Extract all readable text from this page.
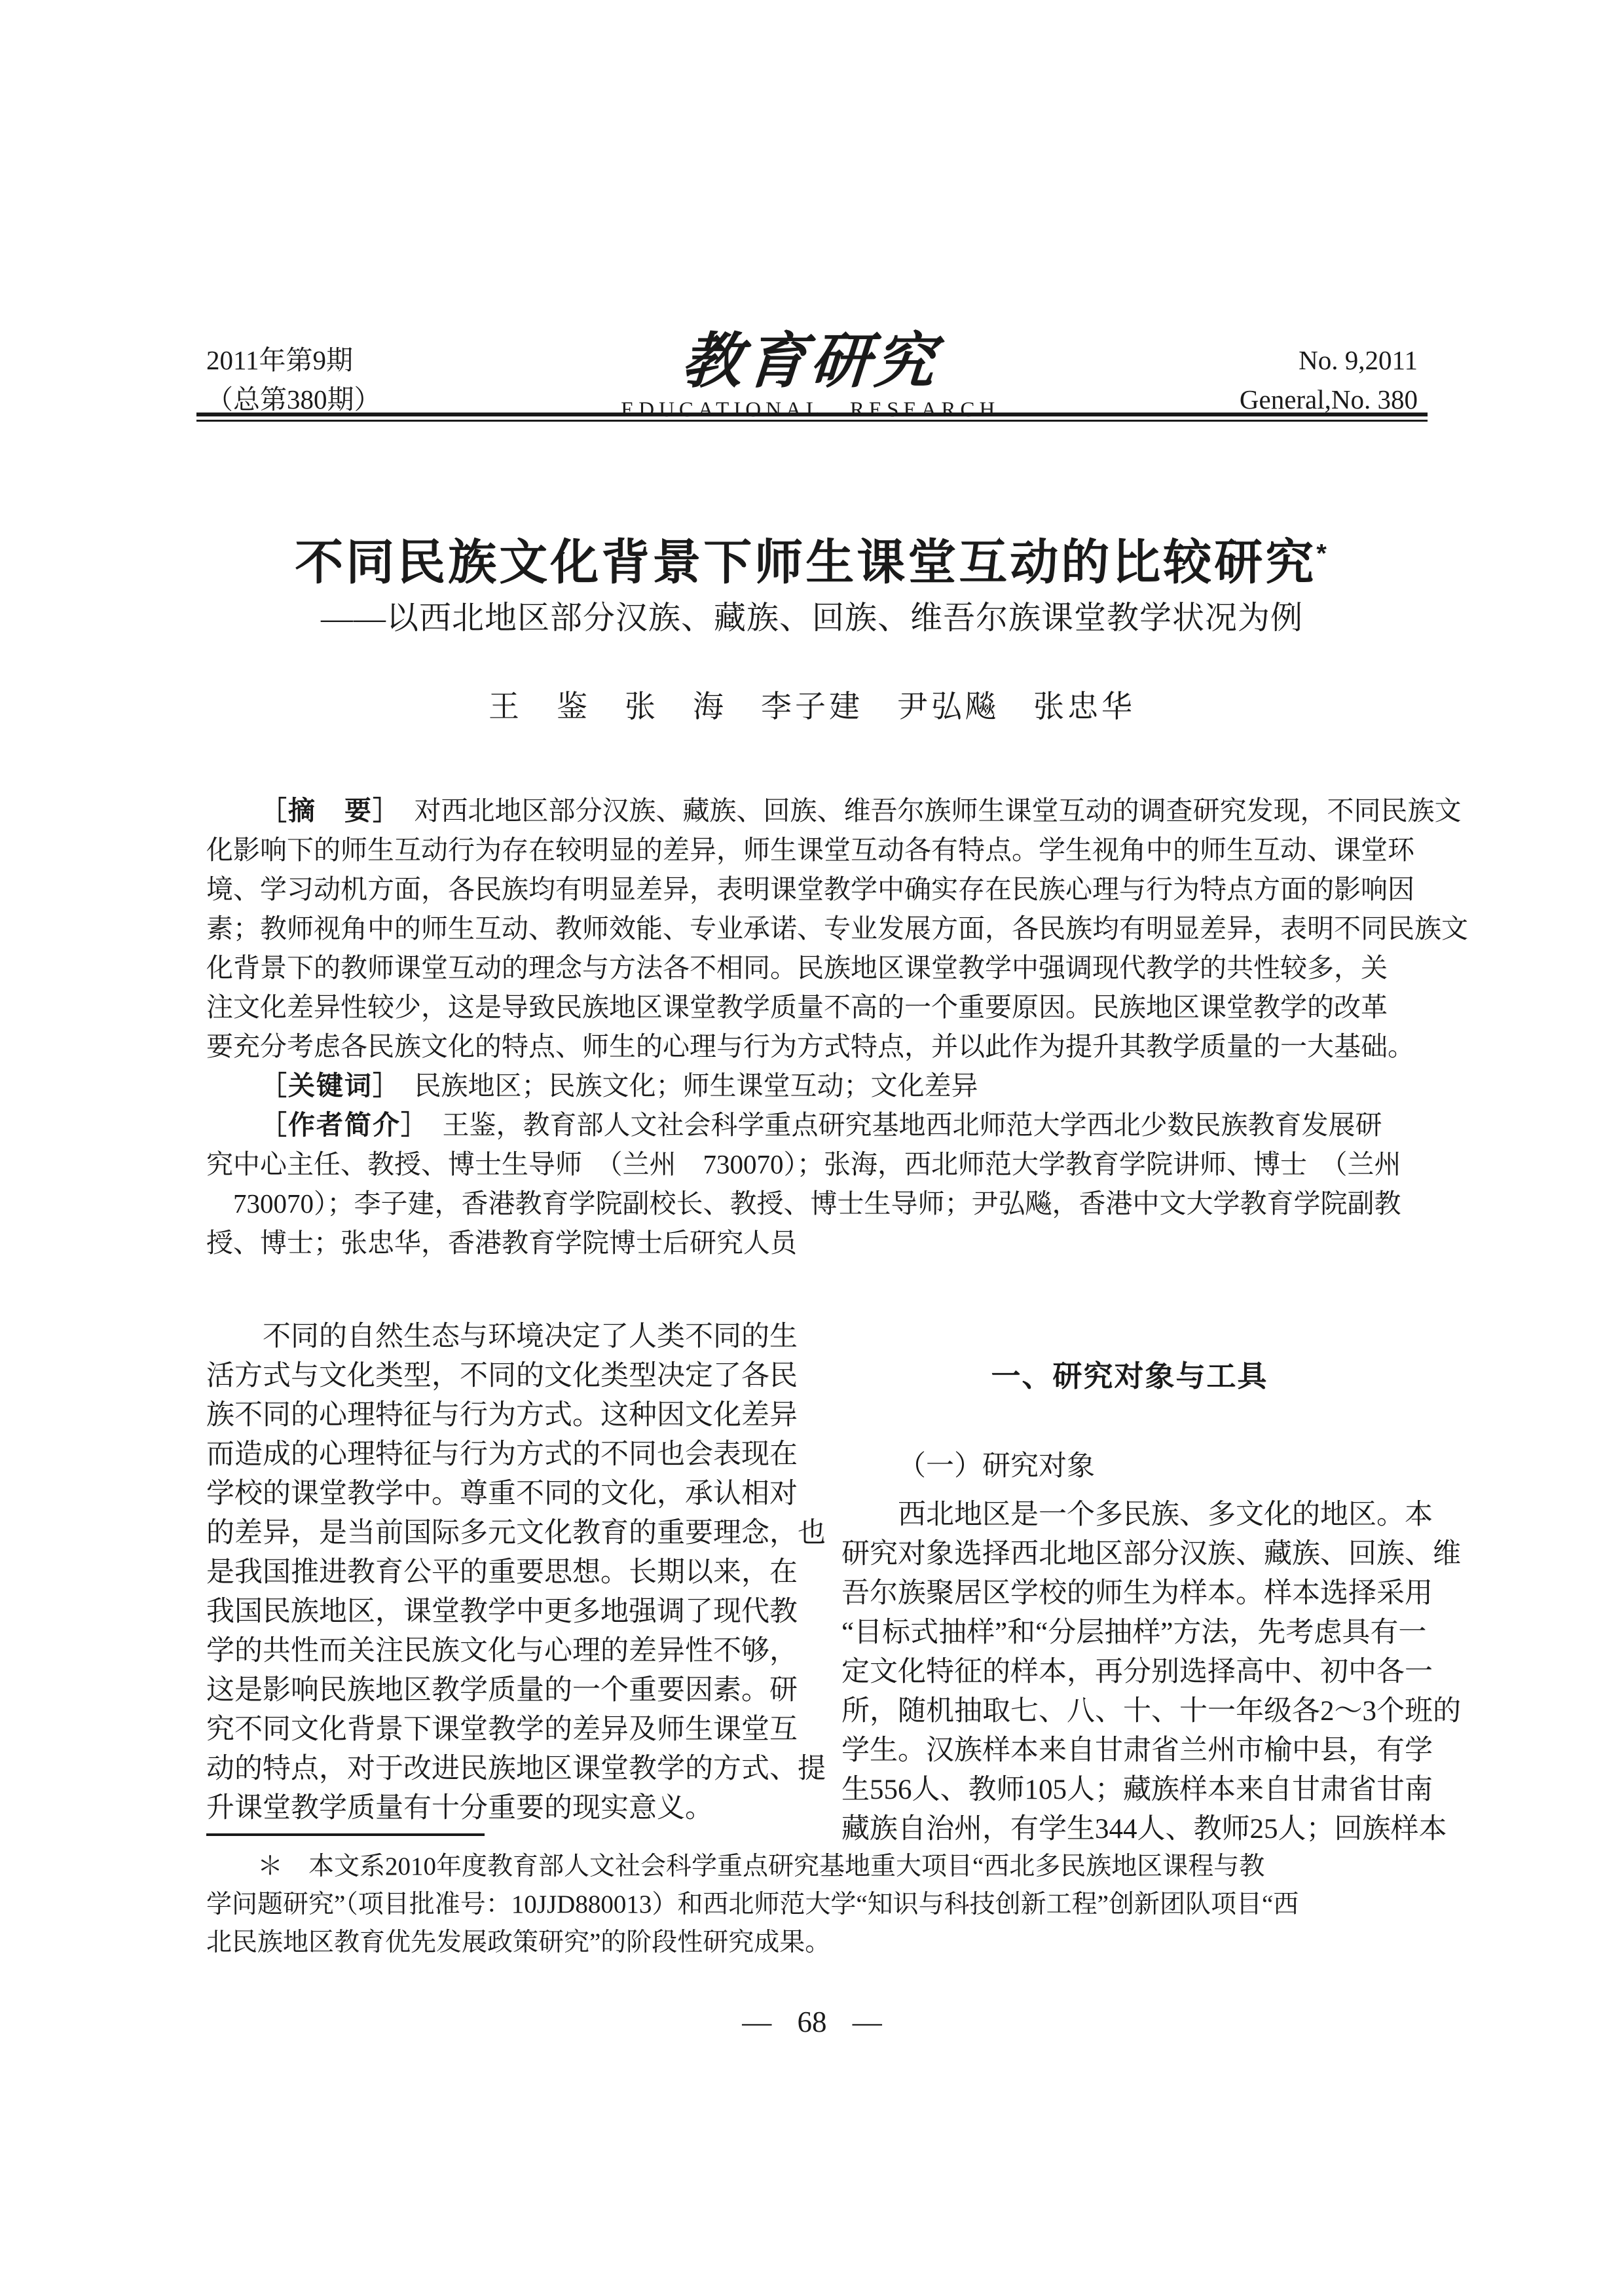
2011年第9期
（总第380期）
教育研究
EDUCATIONAL RESEARCH
No. 9,2011
General,No. 380
不同民族文化背景下师生课堂互动的比较研究*
——以西北地区部分汉族、藏族、回族、维吾尔族课堂教学状况为例
王　鉴　张　海　李子建　尹弘飚　张忠华
［摘　要］　对西北地区部分汉族、藏族、回族、维吾尔族师生课堂互动的调查研究发现，不同民族文
化影响下的师生互动行为存在较明显的差异，师生课堂互动各有特点。学生视角中的师生互动、课堂环
境、学习动机方面，各民族均有明显差异，表明课堂教学中确实存在民族心理与行为特点方面的影响因
素；教师视角中的师生互动、教师效能、专业承诺、专业发展方面，各民族均有明显差异，表明不同民族文
化背景下的教师课堂互动的理念与方法各不相同。民族地区课堂教学中强调现代教学的共性较多，关
注文化差异性较少，这是导致民族地区课堂教学质量不高的一个重要原因。民族地区课堂教学的改革
要充分考虑各民族文化的特点、师生的心理与行为方式特点，并以此作为提升其教学质量的一大基础。
［关键词］　民族地区；民族文化；师生课堂互动；文化差异
［作者简介］　王鉴，教育部人文社会科学重点研究基地西北师范大学西北少数民族教育发展研
究中心主任、教授、博士生导师　（兰州　730070）；张海，西北师范大学教育学院讲师、博士　（兰州
　730070）；李子建，香港教育学院副校长、教授、博士生导师；尹弘飚，香港中文大学教育学院副教
授、博士；张忠华，香港教育学院博士后研究人员
　　不同的自然生态与环境决定了人类不同的生
活方式与文化类型，不同的文化类型决定了各民
族不同的心理特征与行为方式。这种因文化差异
而造成的心理特征与行为方式的不同也会表现在
学校的课堂教学中。尊重不同的文化，承认相对
的差异，是当前国际多元文化教育的重要理念，也
是我国推进教育公平的重要思想。长期以来，在
我国民族地区，课堂教学中更多地强调了现代教
学的共性而关注民族文化与心理的差异性不够，
这是影响民族地区教学质量的一个重要因素。研
究不同文化背景下课堂教学的差异及师生课堂互
动的特点，对于改进民族地区课堂教学的方式、提
升课堂教学质量有十分重要的现实意义。
一、研究对象与工具
（一）研究对象
　　西北地区是一个多民族、多文化的地区。本
研究对象选择西北地区部分汉族、藏族、回族、维
吾尔族聚居区学校的师生为样本。样本选择采用
“目标式抽样”和“分层抽样”方法，先考虑具有一
定文化特征的样本，再分别选择高中、初中各一
所，随机抽取七、八、十、十一年级各2～3个班的
学生。汉族样本来自甘肃省兰州市榆中县，有学
生556人、教师105人；藏族样本来自甘肃省甘南
藏族自治州，有学生344人、教师25人；回族样本
　　＊　本文系2010年度教育部人文社会科学重点研究基地重大项目“西北多民族地区课程与教
学问题研究”（项目批准号：10JJD880013）和西北师范大学“知识与科技创新工程”创新团队项目“西
北民族地区教育优先发展政策研究”的阶段性研究成果。
— 68 —
